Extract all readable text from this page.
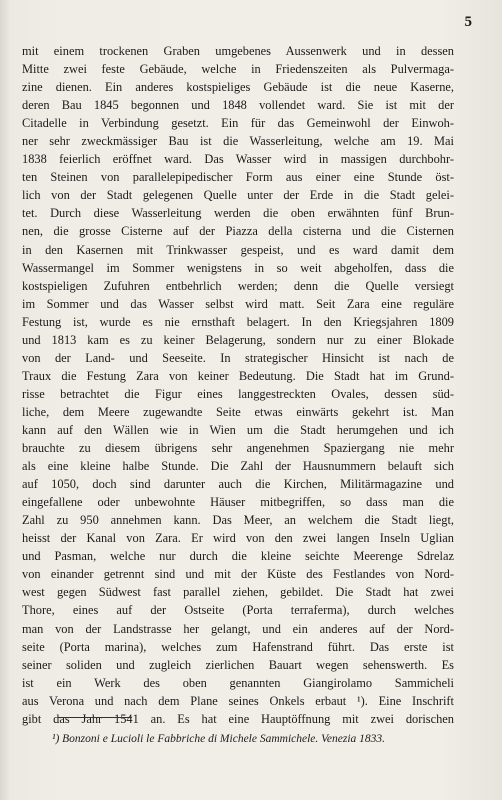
5
mit einem trockenen Graben umgebenes Aussenwerk und in dessen
Mitte zwei feste Gebäude, welche in Friedenszeiten als Pulvermaga-
zine dienen. Ein anderes kostspieliges Gebäude ist die neue Kaserne,
deren Bau 1845 begonnen und 1848 vollendet ward. Sie ist mit der
Citadelle in Verbindung gesetzt. Ein für das Gemeinwohl der Einwoh-
ner sehr zweckmässiger Bau ist die Wasserleitung, welche am 19. Mai
1838 feierlich eröffnet ward. Das Wasser wird in massigen durchbohr-
ten Steinen von parallelepipedischer Form aus einer eine Stunde öst-
lich von der Stadt gelegenen Quelle unter der Erde in die Stadt gelei-
tet. Durch diese Wasserleitung werden die oben erwähnten fünf Brun-
nen, die grosse Cisterne auf der Piazza della cisterna und die Cisternen
in den Kasernen mit Trinkwasser gespeist, und es ward damit dem
Wassermangel im Sommer wenigstens in so weit abgeholfen, dass die
kostspieligen Zufuhren entbehrlich werden; denn die Quelle versiegt
im Sommer und das Wasser selbst wird matt. Seit Zara eine reguläre
Festung ist, wurde es nie ernsthaft belagert. In den Kriegsjahren 1809
und 1813 kam es zu keiner Belagerung, sondern nur zu einer Blokade
von der Land- und Seeseite. In strategischer Hinsicht ist nach de
Traux die Festung Zara von keiner Bedeutung. Die Stadt hat im Grund-
risse betrachtet die Figur eines langgestreckten Ovales, dessen süd-
liche, dem Meere zugewandte Seite etwas einwärts gekehrt ist. Man
kann auf den Wällen wie in Wien um die Stadt herumgehen und ich
brauchte zu diesem übrigens sehr angenehmen Spaziergang nie mehr
als eine kleine halbe Stunde. Die Zahl der Hausnummern belauft sich
auf 1050, doch sind darunter auch die Kirchen, Militärmagazine und
eingefallene oder unbewohnte Häuser mitbegriffen, so dass man die
Zahl zu 950 annehmen kann. Das Meer, an welchem die Stadt liegt,
heisst der Kanal von Zara. Er wird von den zwei langen Inseln Uglian
und Pasman, welche nur durch die kleine seichte Meerenge Sdrelaz
von einander getrennt sind und mit der Küste des Festlandes von Nord-
west gegen Südwest fast parallel ziehen, gebildet. Die Stadt hat zwei
Thore, eines auf der Ostseite (Porta terraferma), durch welches
man von der Landstrasse her gelangt, und ein anderes auf der Nord-
seite (Porta marina), welches zum Hafenstrand führt. Das erste ist
seiner soliden und zugleich zierlichen Bauart wegen sehenswerth. Es
ist ein Werk des oben genannten Giangirolamo Sammicheli
aus Verona und nach dem Plane seines Onkels erbaut ¹). Eine Inschrift
gibt das Jahr 1541 an. Es hat eine Hauptöffnung mit zwei dorischen
¹) Bonzoni e Lucioli le Fabbriche di Michele Sammichele. Venezia 1833.
